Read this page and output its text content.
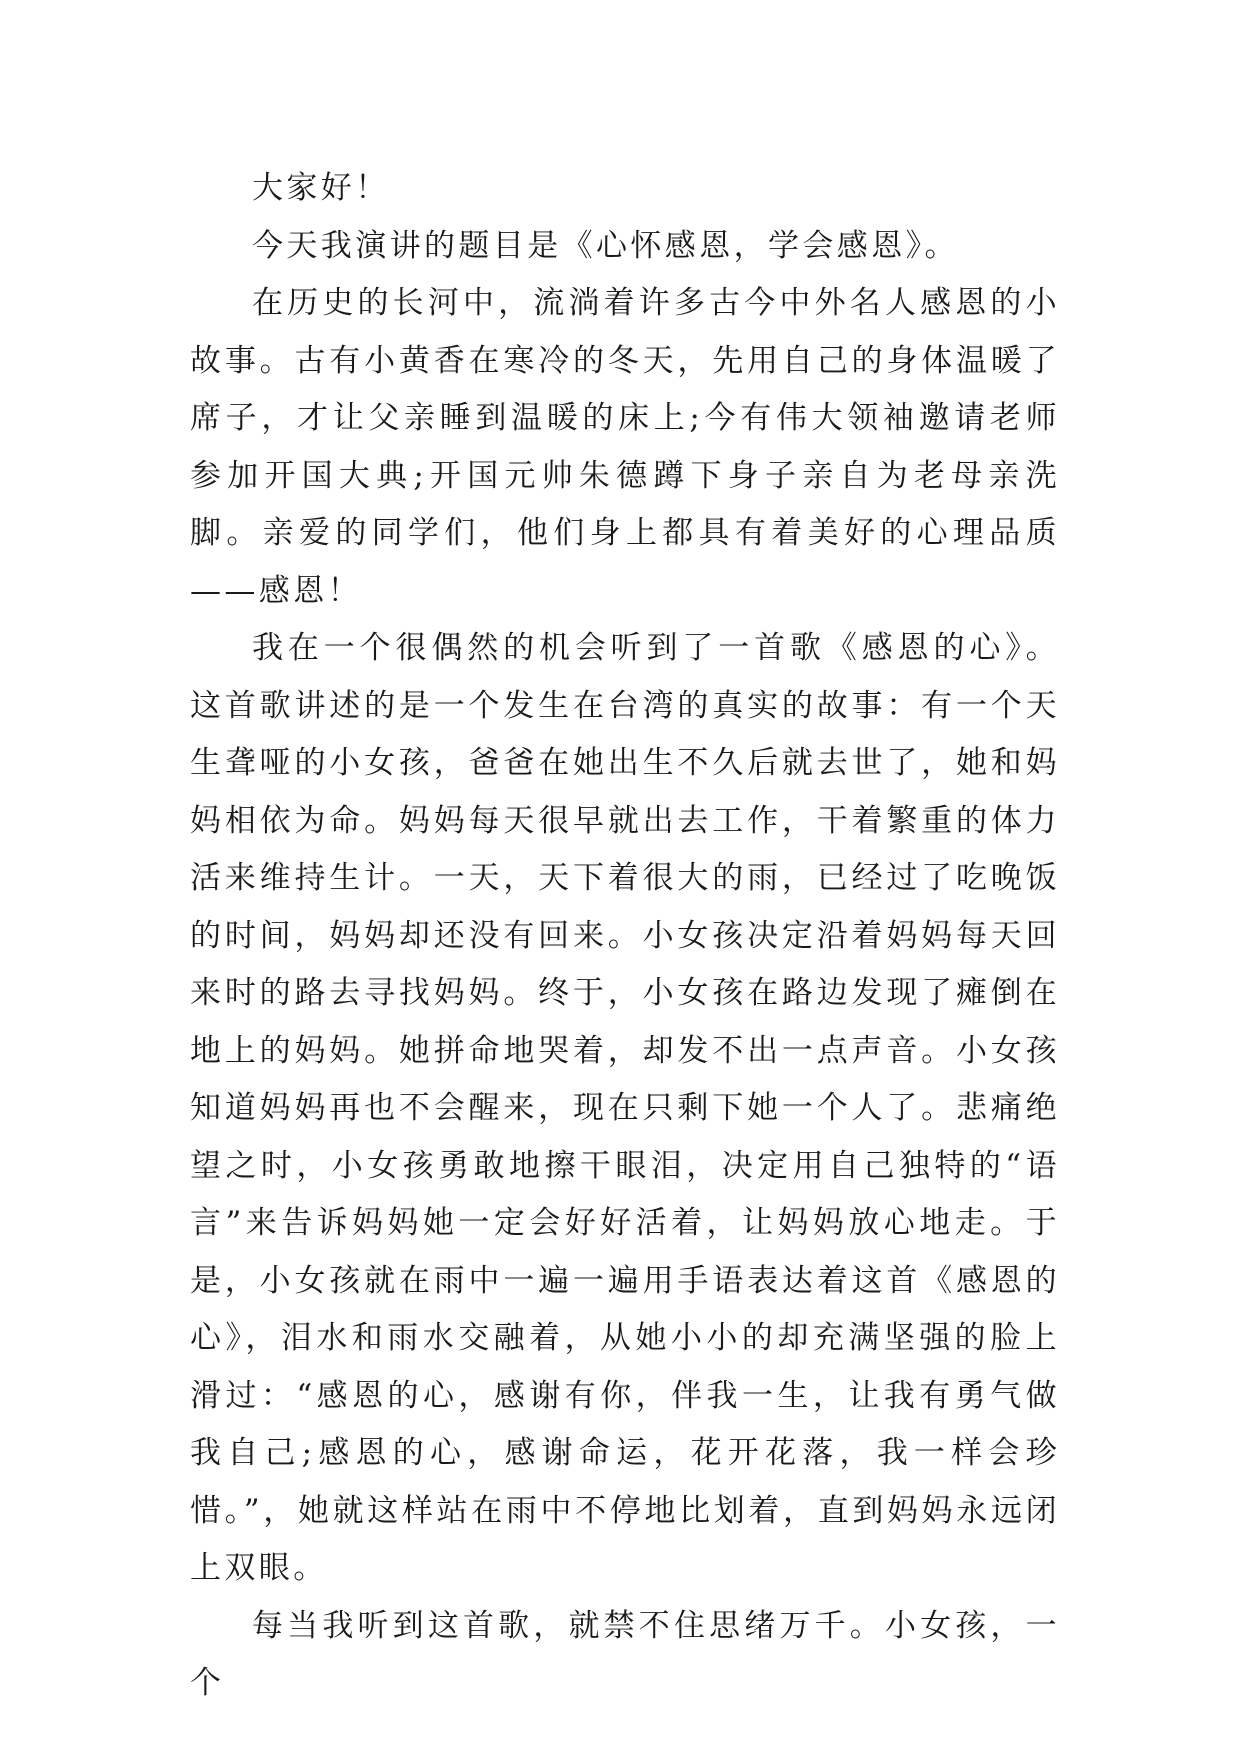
大家好！

今天我演讲的题目是《心怀感恩，学会感恩》。

在历史的长河中，流淌着许多古今中外名人感恩的小故事。古有小黄香在寒冷的冬天，先用自己的身体温暖了席子，才让父亲睡到温暖的床上;今有伟大领袖邀请老师参加开国大典;开国元帅朱德蹲下身子亲自为老母亲洗脚。亲爱的同学们，他们身上都具有着美好的心理品质——感恩！

我在一个很偶然的机会听到了一首歌《感恩的心》。这首歌讲述的是一个发生在台湾的真实的故事：有一个天生聋哑的小女孩，爸爸在她出生不久后就去世了，她和妈妈相依为命。妈妈每天很早就出去工作，干着繁重的体力活来维持生计。一天，天下着很大的雨，已经过了吃晚饭的时间，妈妈却还没有回来。小女孩决定沿着妈妈每天回来时的路去寻找妈妈。终于，小女孩在路边发现了瘫倒在地上的妈妈。她拼命地哭着，却发不出一点声音。小女孩知道妈妈再也不会醒来，现在只剩下她一个人了。悲痛绝望之时，小女孩勇敢地擦干眼泪，决定用自己独特的“语言”来告诉妈妈她一定会好好活着，让妈妈放心地走。于是，小女孩就在雨中一遍一遍用手语表达着这首《感恩的心》，泪水和雨水交融着，从她小小的却充满坚强的脸上滑过：“感恩的心，感谢有你，伴我一生，让我有勇气做我自己;感恩的心，感谢命运，花开花落，我一样会珍惜。”，她就这样站在雨中不停地比划着，直到妈妈永远闭上双眼。

每当我听到这首歌，就禁不住思绪万千。小女孩，一个
